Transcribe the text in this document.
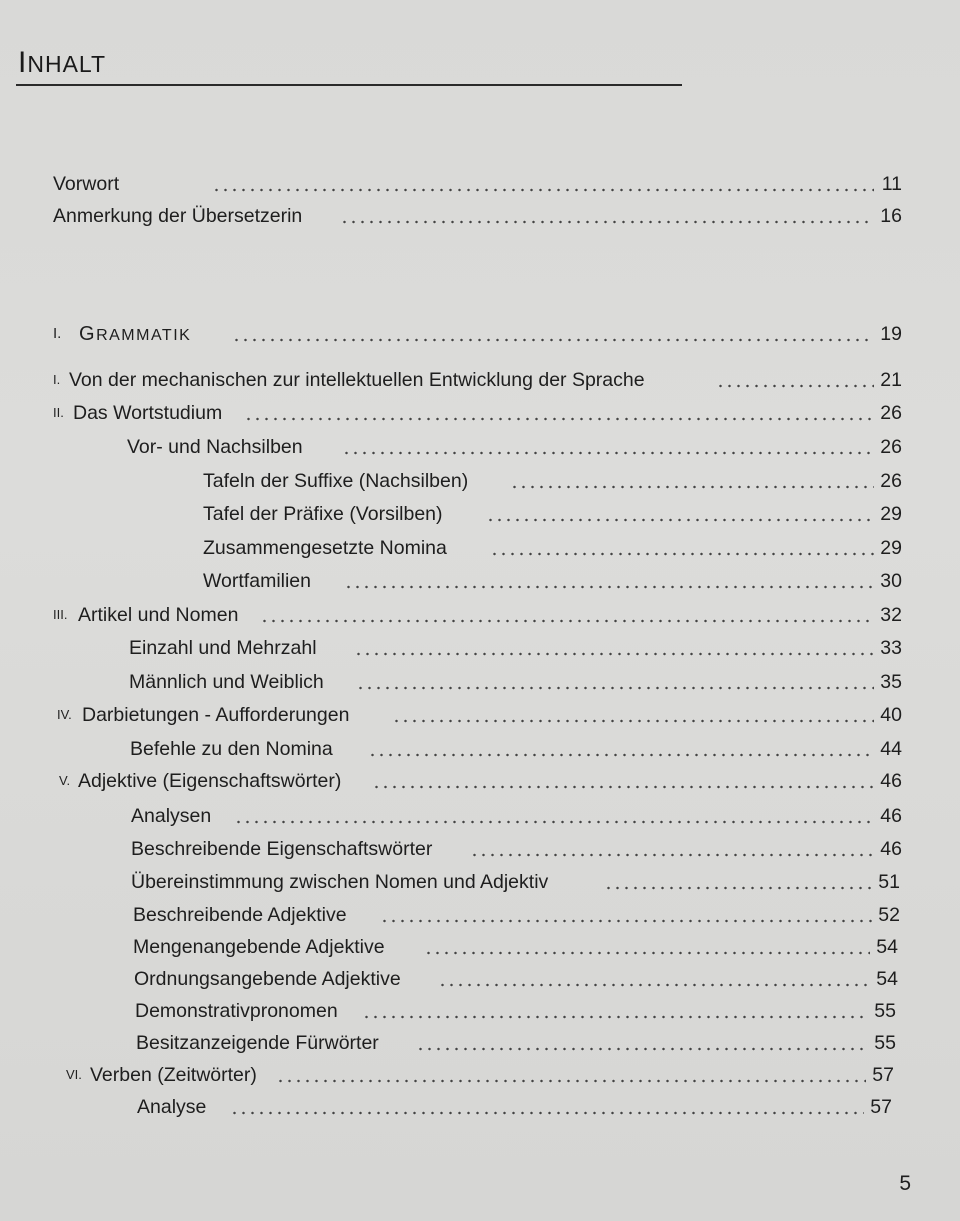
INHALT
Vorwort	11
Anmerkung der Übersetzerin	16
I. GRAMMATIK	19
I. Von der mechanischen zur intellektuellen Entwicklung der Sprache	21
II. Das Wortstudium	26
Vor- und Nachsilben	26
Tafeln der Suffixe (Nachsilben)	26
Tafel der Präfixe (Vorsilben)	29
Zusammengesetzte Nomina	29
Wortfamilien	30
III. Artikel und Nomen	32
Einzahl und Mehrzahl	33
Männlich und Weiblich	35
IV. Darbietungen - Aufforderungen	40
Befehle zu den Nomina	44
V. Adjektive (Eigenschaftswörter)	46
Analysen	46
Beschreibende Eigenschaftswörter	46
Übereinstimmung zwischen Nomen und Adjektiv	51
Beschreibende Adjektive	52
Mengenangebende Adjektive	54
Ordnungsangebende Adjektive	54
Demonstrativpronomen	55
Besitzanzeigende Fürwörter	55
VI. Verben (Zeitwörter)	57
Analyse	57
5
